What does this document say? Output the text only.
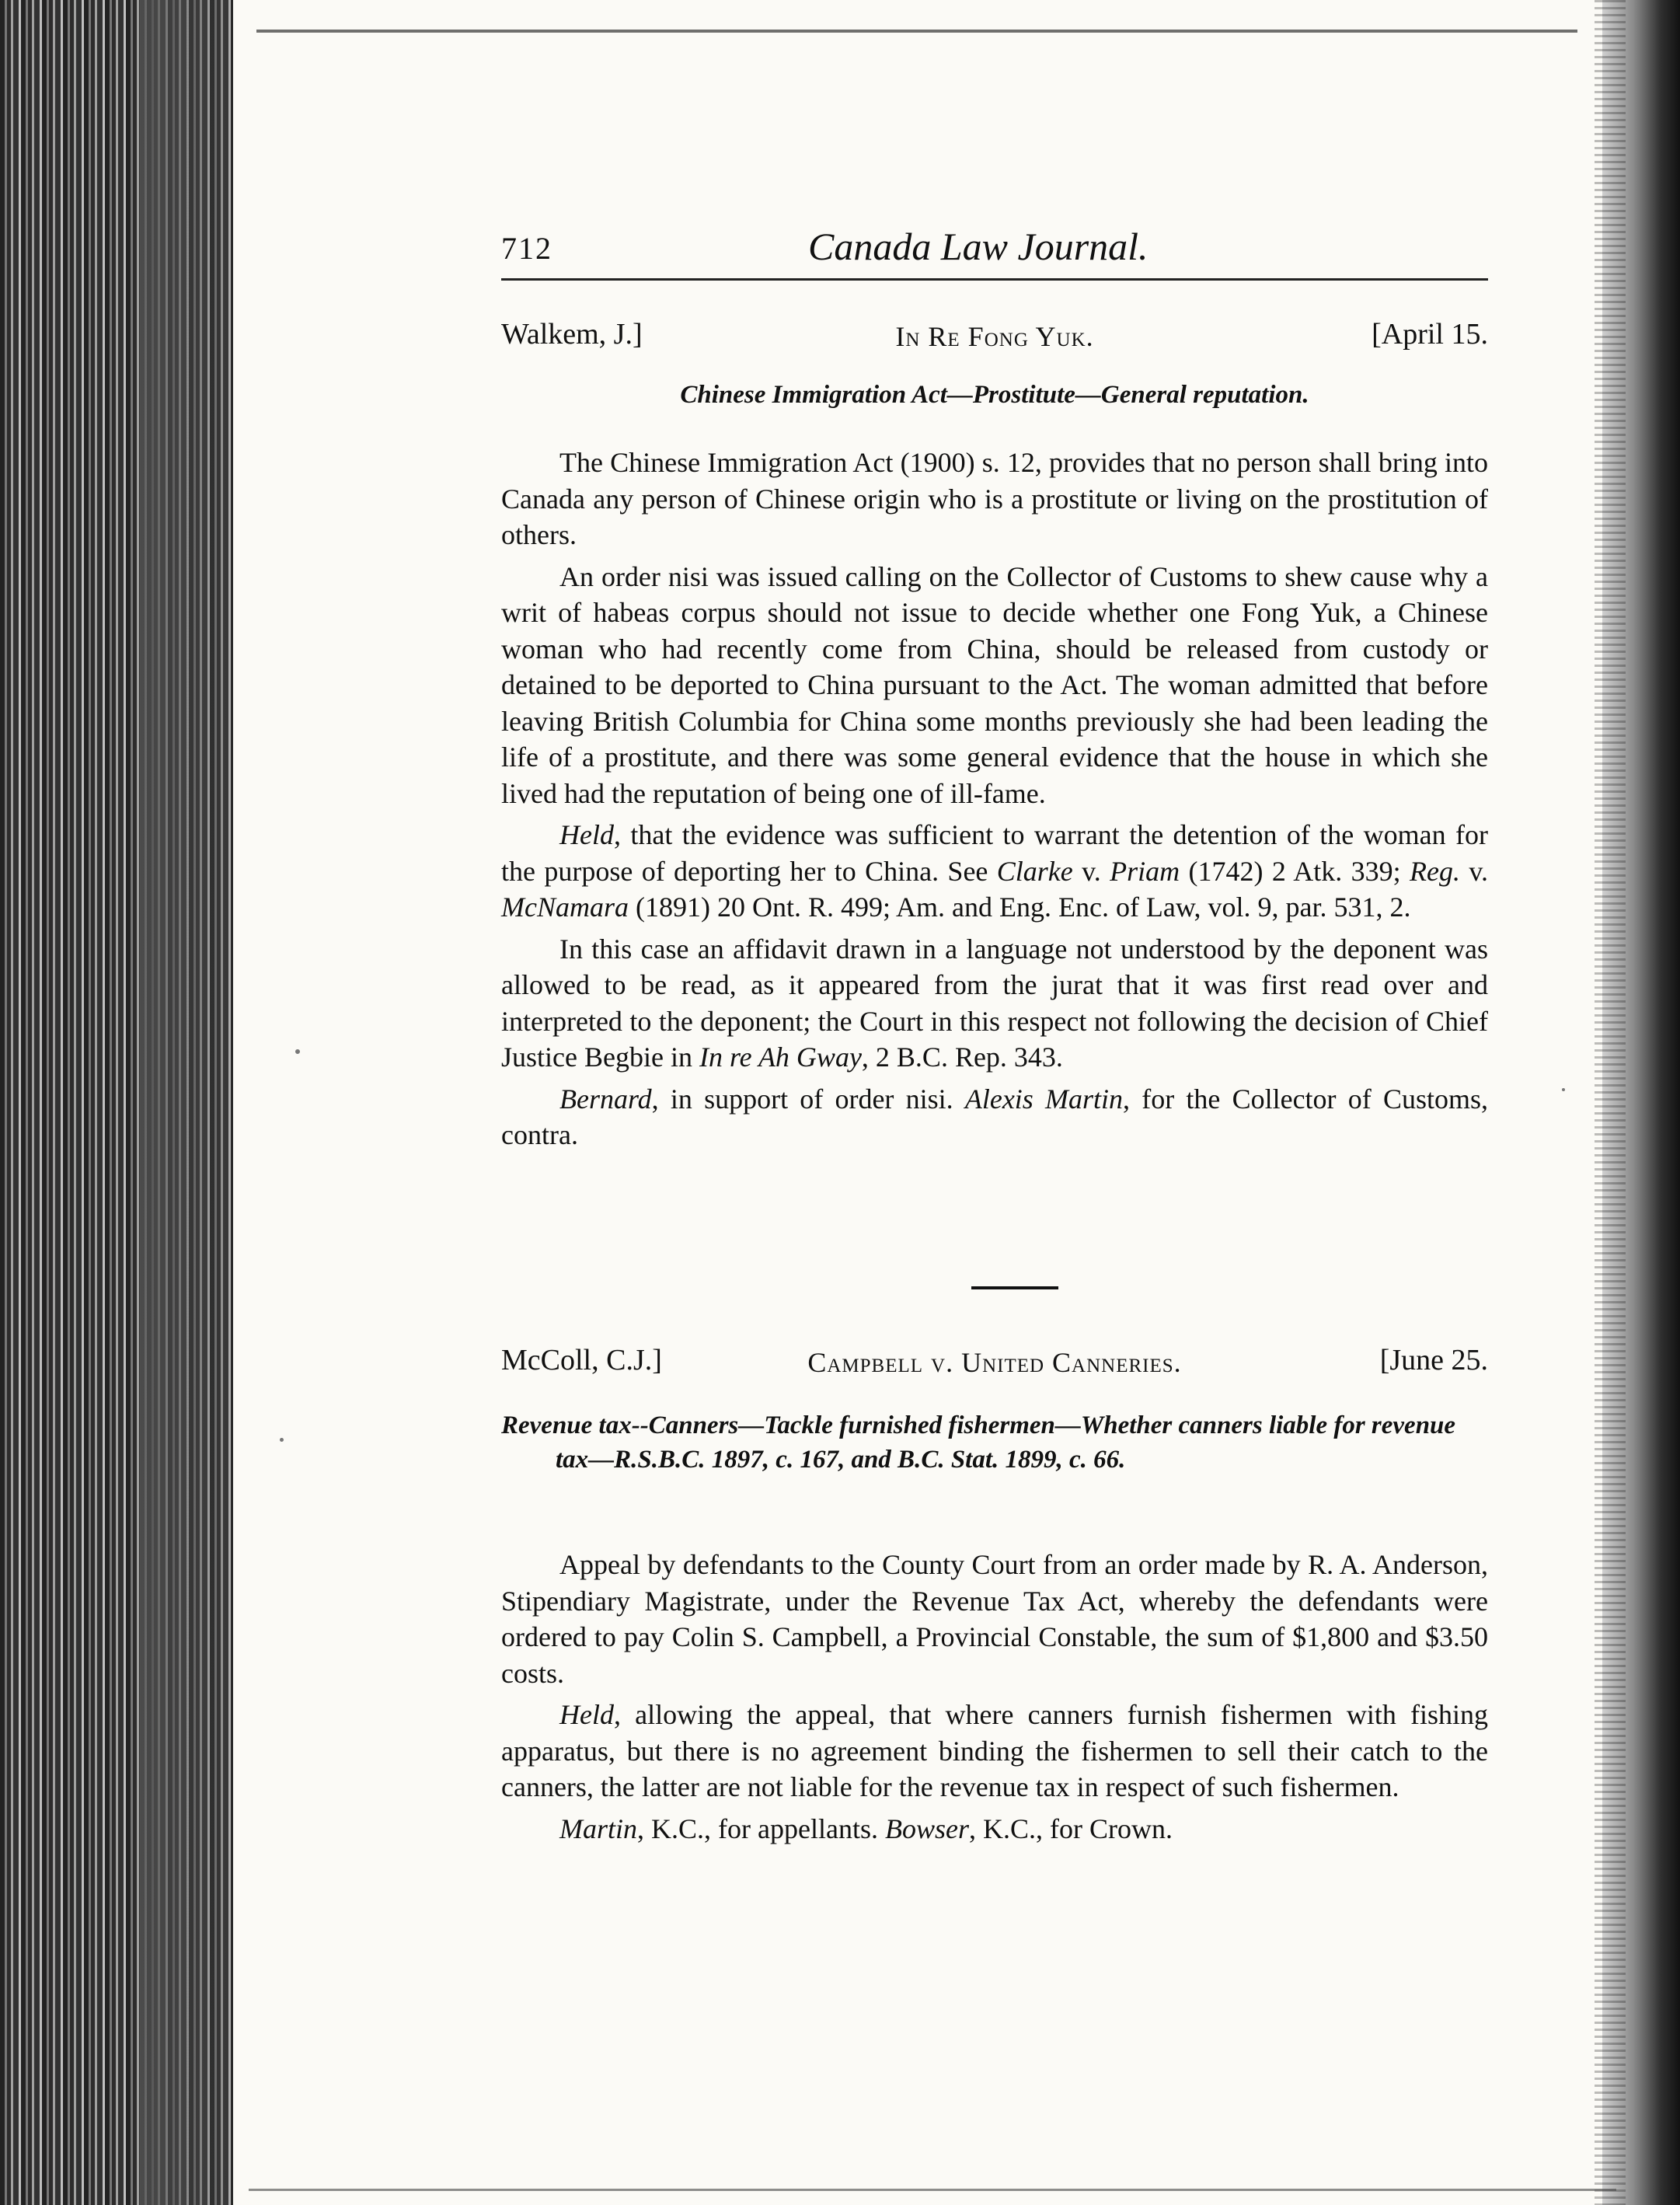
712	Canada Law Journal.
Walkem, J.]	In Re Fong Yuk.	[April 15.
Chinese Immigration Act—Prostitute—General reputation.

The Chinese Immigration Act (1900) s. 12, provides that no person shall bring into Canada any person of Chinese origin who is a prostitute or living on the prostitution of others.

An order nisi was issued calling on the Collector of Customs to shew cause why a writ of habeas corpus should not issue to decide whether one Fong Yuk, a Chinese woman who had recently come from China, should be released from custody or detained to be deported to China pursuant to the Act. The woman admitted that before leaving British Columbia for China some months previously she had been leading the life of a prostitute, and there was some general evidence that the house in which she lived had the reputation of being one of ill-fame.

Held, that the evidence was sufficient to warrant the detention of the woman for the purpose of deporting her to China. See Clarke v. Priam (1742) 2 Atk. 339; Reg. v. McNamara (1891) 20 Ont. R. 499; Am. and Eng. Enc. of Law, vol. 9, par. 531, 2.

In this case an affidavit drawn in a language not understood by the deponent was allowed to be read, as it appeared from the jurat that it was first read over and interpreted to the deponent; the Court in this respect not following the decision of Chief Justice Begbie in In re Ah Gway, 2 B.C. Rep. 343.

Bernard, in support of order nisi. Alexis Martin, for the Collector of Customs, contra.

McColl, C.J.]	Campbell v. United Canneries.	[June 25.
Revenue tax--Canners—Tackle furnished fishermen—Whether canners liable for revenue tax—R.S.B.C. 1897, c. 167, and B.C. Stat. 1899, c. 66.

Appeal by defendants to the County Court from an order made by R. A. Anderson, Stipendiary Magistrate, under the Revenue Tax Act, whereby the defendants were ordered to pay Colin S. Campbell, a Provincial Constable, the sum of $1,800 and $3.50 costs.

Held, allowing the appeal, that where canners furnish fishermen with fishing apparatus, but there is no agreement binding the fishermen to sell their catch to the canners, the latter are not liable for the revenue tax in respect of such fishermen.

Martin, K.C., for appellants. Bowser, K.C., for Crown.
